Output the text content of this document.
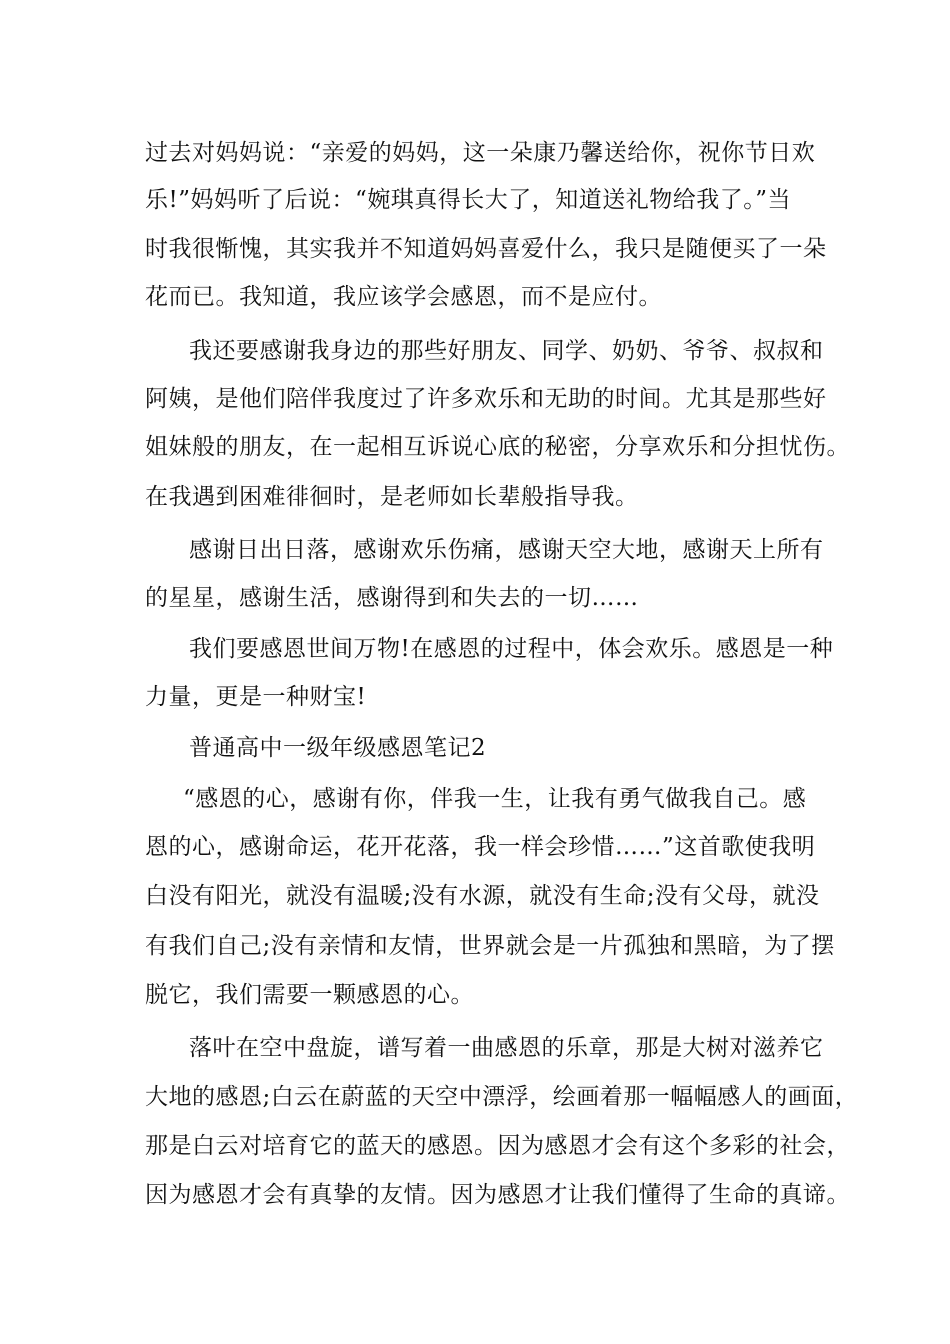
过去对妈妈说：“亲爱的妈妈，这一朵康乃馨送给你，祝你节日欢
乐!”妈妈听了后说：“婉琪真得长大了，知道送礼物给我了。”当
时我很惭愧，其实我并不知道妈妈喜爱什么，我只是随便买了一朵
花而已。我知道，我应该学会感恩，而不是应付。
我还要感谢我身边的那些好朋友、同学、奶奶、爷爷、叔叔和
阿姨，是他们陪伴我度过了许多欢乐和无助的时间。尤其是那些好
姐妹般的朋友，在一起相互诉说心底的秘密，分享欢乐和分担忧伤。
在我遇到困难徘徊时，是老师如长辈般指导我。
感谢日出日落，感谢欢乐伤痛，感谢天空大地，感谢天上所有
的星星，感谢生活，感谢得到和失去的一切……
我们要感恩世间万物!在感恩的过程中，体会欢乐。感恩是一种
力量，更是一种财宝!
普通高中一级年级感恩笔记2
“感恩的心，感谢有你，伴我一生，让我有勇气做我自己。感
恩的心，感谢命运，花开花落，我一样会珍惜……”这首歌使我明
白没有阳光，就没有温暖;没有水源，就没有生命;没有父母，就没
有我们自己;没有亲情和友情，世界就会是一片孤独和黑暗，为了摆
脱它，我们需要一颗感恩的心。
落叶在空中盘旋，谱写着一曲感恩的乐章，那是大树对滋养它
大地的感恩;白云在蔚蓝的天空中漂浮，绘画着那一幅幅感人的画面，
那是白云对培育它的蓝天的感恩。因为感恩才会有这个多彩的社会，
因为感恩才会有真挚的友情。因为感恩才让我们懂得了生命的真谛。
